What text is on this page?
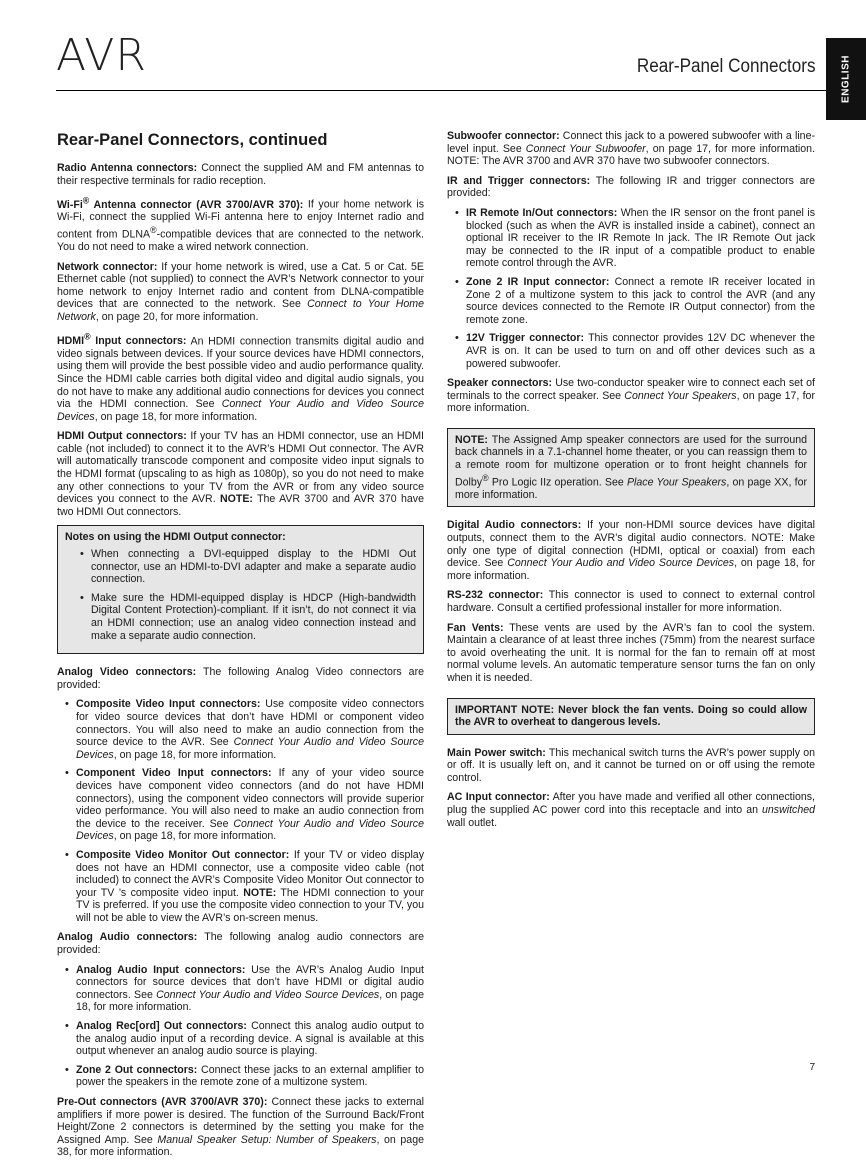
AVR	Rear-Panel Connectors ENGLISH
Rear-Panel Connectors, continued

Radio Antenna connectors: Connect the supplied AM and FM antennas to their respective terminals for radio reception.

Wi-Fi® Antenna connector (AVR 3700/AVR 370): If your home network is Wi-Fi, connect the supplied Wi-Fi antenna here to enjoy Internet radio and content from DLNA®-compatible devices that are connected to the network. You do not need to make a wired network connection.

Network connector: If your home network is wired, use a Cat. 5 or Cat. 5E Ethernet cable (not supplied) to connect the AVR’s Network connector to your home network to enjoy Internet radio and content from DLNA-compatible devices that are connected to the network. See Connect to Your Home Network, on page 20, for more information.

HDMI® Input connectors: An HDMI connection transmits digital audio and video signals between devices. If your source devices have HDMI connectors, using them will provide the best possible video and audio performance quality. Since the HDMI cable carries both digital video and digital audio signals, you do not have to make any additional audio connections for devices you connect via the HDMI connection. See Connect Your Audio and Video Source Devices, on page 18, for more information.

HDMI Output connectors: If your TV has an HDMI connector, use an HDMI cable (not included) to connect it to the AVR’s HDMI Out connector. The AVR will automatically transcode component and composite video input signals to the HDMI format (upscaling to as high as 1080p), so you do not need to make any other connections to your TV from the AVR or from any video source devices you connect to the AVR. NOTE: The AVR 3700 and AVR 370 have two HDMI Out connectors.

Notes on using the HDMI Output connector:
• When connecting a DVI-equipped display to the HDMI Out connector, use an HDMI-to-DVI adapter and make a separate audio connection.
• Make sure the HDMI-equipped display is HDCP (High-bandwidth Digital Content Protection)-compliant. If it isn’t, do not connect it via an HDMI connection; use an analog video connection instead and make a separate audio connection.

Analog Video connectors: The following Analog Video connectors are provided:

• Composite Video Input connectors: Use composite video connectors for video source devices that don’t have HDMI or component video connectors. You will also need to make an audio connection from the source device to the AVR. See Connect Your Audio and Video Source Devices, on page 18, for more information.
• Component Video Input connectors: If any of your video source devices have component video connectors (and do not have HDMI connectors), using the component video connectors will provide superior video performance. You will also need to make an audio connection from the device to the receiver. See Connect Your Audio and Video Source Devices, on page 18, for more information.
• Composite Video Monitor Out connector: If your TV or video display does not have an HDMI connector, use a composite video cable (not included) to connect the AVR’s Composite Video Monitor Out connector to your TV ’s composite video input. NOTE: The HDMI connection to your TV is preferred. If you use the composite video connection to your TV, you will not be able to view the AVR’s on-screen menus.

Analog Audio connectors: The following analog audio connectors are provided:

• Analog Audio Input connectors: Use the AVR’s Analog Audio Input connectors for source devices that don’t have HDMI or digital audio connectors. See Connect Your Audio and Video Source Devices, on page 18, for more information.
• Analog Rec[ord] Out connectors: Connect this analog audio output to the analog audio input of a recording device. A signal is available at this output whenever an analog audio source is playing.
• Zone 2 Out connectors: Connect these jacks to an external amplifier to power the speakers in the remote zone of a multizone system.

Pre-Out connectors (AVR 3700/AVR 370): Connect these jacks to external amplifiers if more power is desired. The function of the Surround Back/Front Height/Zone 2 connectors is determined by the setting you make for the Assigned Amp. See Manual Speaker Setup: Number of Speakers, on page 38, for more information.

Subwoofer connector: Connect this jack to a powered subwoofer with a line-level input. See Connect Your Subwoofer, on page 17, for more information. NOTE: The AVR 3700 and AVR 370 have two subwoofer connectors.

IR and Trigger connectors: The following IR and trigger connectors are provided:

• IR Remote In/Out connectors: When the IR sensor on the front panel is blocked (such as when the AVR is installed inside a cabinet), connect an optional IR receiver to the IR Remote In jack. The IR Remote Out jack may be connected to the IR input of a compatible product to enable remote control through the AVR.
• Zone 2 IR Input connector: Connect a remote IR receiver located in Zone 2 of a multizone system to this jack to control the AVR (and any source devices connected to the Remote IR Output connector) from the remote zone.
• 12V Trigger connector: This connector provides 12V DC whenever the AVR is on. It can be used to turn on and off other devices such as a powered subwoofer.

Speaker connectors: Use two-conductor speaker wire to connect each set of terminals to the correct speaker. See Connect Your Speakers, on page 17, for more information.

NOTE: The Assigned Amp speaker connectors are used for the surround back channels in a 7.1-channel home theater, or you can reassign them to a remote room for multizone operation or to front height channels for Dolby® Pro Logic IIz operation. See Place Your Speakers, on page XX, for more information.

Digital Audio connectors: If your non-HDMI source devices have digital outputs, connect them to the AVR’s digital audio connectors. NOTE: Make only one type of digital connection (HDMI, optical or coaxial) from each device. See Connect Your Audio and Video Source Devices, on page 18, for more information.

RS-232 connector: This connector is used to connect to external control hardware. Consult a certified professional installer for more information.

Fan Vents: These vents are used by the AVR’s fan to cool the system. Maintain a clearance of at least three inches (75mm) from the nearest surface to avoid overheating the unit. It is normal for the fan to remain off at most normal volume levels. An automatic temperature sensor turns the fan on only when it is needed.

IMPORTANT NOTE: Never block the fan vents. Doing so could allow the AVR to overheat to dangerous levels.

Main Power switch: This mechanical switch turns the AVR’s power supply on or off. It is usually left on, and it cannot be turned on or off using the remote control.

AC Input connector: After you have made and verified all other connections, plug the supplied AC power cord into this receptacle and into an unswitched wall outlet.

7
